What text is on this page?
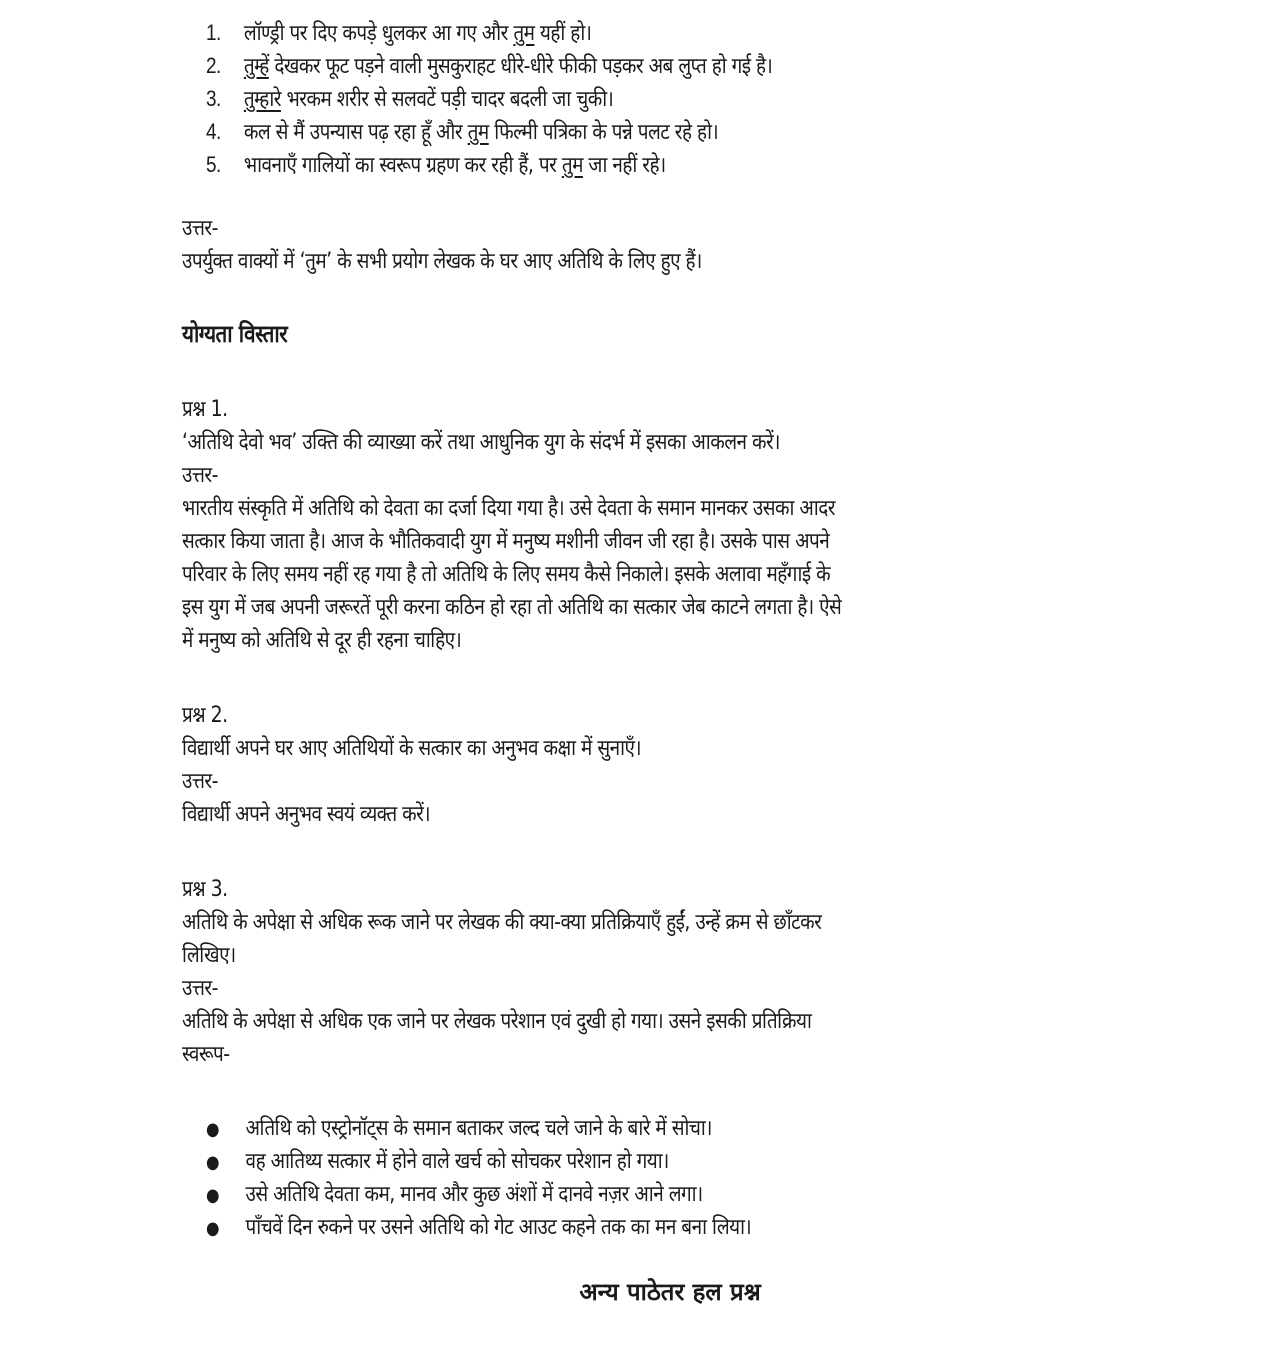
1. लॉण्ड्री पर दिए कपड़े धुलकर आ गए और तुम यहीं हो।
2. तुम्हें देखकर फूट पड़ने वाली मुसकुराहट धीरे-धीरे फीकी पड़कर अब लुप्त हो गई है।
3. तुम्हारे भरकम शरीर से सलवटें पड़ी चादर बदली जा चुकी।
4. कल से मैं उपन्यास पढ़ रहा हूँ और तुम फिल्मी पत्रिका के पन्ने पलट रहे हो।
5. भावनाएँ गालियों का स्वरूप ग्रहण कर रही हैं, पर तुम जा नहीं रहे।
उत्तर-
उपर्युक्त वाक्यों में ‘तुम’ के सभी प्रयोग लेखक के घर आए अतिथि के लिए हुए हैं।
योग्यता विस्तार
प्रश्न 1.
‘अतिथि देवो भव’ उक्ति की व्याख्या करें तथा आधुनिक युग के संदर्भ में इसका आकलन करें।
उत्तर-
भारतीय संस्कृति में अतिथि को देवता का दर्जा दिया गया है। उसे देवता के समान मानकर उसका आदर
सत्कार किया जाता है। आज के भौतिकवादी युग में मनुष्य मशीनी जीवन जी रहा है। उसके पास अपने
परिवार के लिए समय नहीं रह गया है तो अतिथि के लिए समय कैसे निकाले। इसके अलावा महँगाई के
इस युग में जब अपनी जरूरतें पूरी करना कठिन हो रहा तो अतिथि का सत्कार जेब काटने लगता है। ऐसे
में मनुष्य को अतिथि से दूर ही रहना चाहिए।
प्रश्न 2.
विद्यार्थी अपने घर आए अतिथियों के सत्कार का अनुभव कक्षा में सुनाएँ।
उत्तर-
विद्यार्थी अपने अनुभव स्वयं व्यक्त करें।
प्रश्न 3.
अतिथि के अपेक्षा से अधिक रूक जाने पर लेखक की क्या-क्या प्रतिक्रियाएँ हुईं, उन्हें क्रम से छाँटकर
लिखिए।
उत्तर-
अतिथि के अपेक्षा से अधिक एक जाने पर लेखक परेशान एवं दुखी हो गया। उसने इसकी प्रतिक्रिया
स्वरूप-
● अतिथि को एस्ट्रोनॉट्स के समान बताकर जल्द चले जाने के बारे में सोचा।
● वह आतिथ्य सत्कार में होने वाले खर्च को सोचकर परेशान हो गया।
● उसे अतिथि देवता कम, मानव और कुछ अंशों में दानवे नज़र आने लगा।
● पाँचवें दिन रुकने पर उसने अतिथि को गेट आउट कहने तक का मन बना लिया।
अन्य पाठेतर हल प्रश्न
